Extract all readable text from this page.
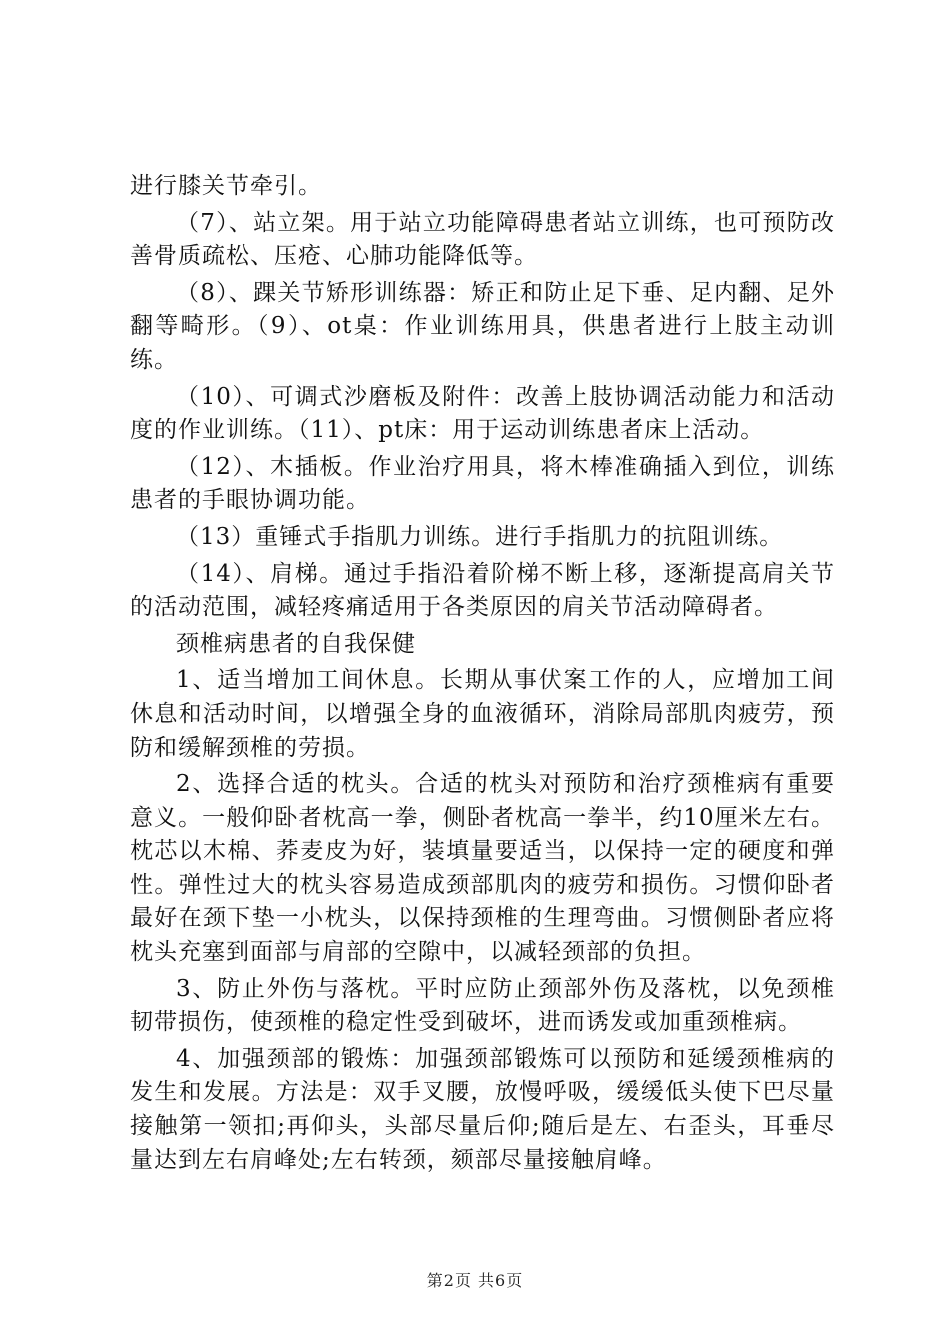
进行膝关节牵引。

（7）、站立架。用于站立功能障碍患者站立训练，也可预防改善骨质疏松、压疮、心肺功能降低等。

（8）、踝关节矫形训练器：矫正和防止足下垂、足内翻、足外翻等畸形。（9）、ot桌：作业训练用具，供患者进行上肢主动训练。

（10）、可调式沙磨板及附件：改善上肢协调活动能力和活动度的作业训练。（11）、pt床：用于运动训练患者床上活动。

（12）、木插板。作业治疗用具，将木棒准确插入到位，训练患者的手眼协调功能。

（13）重锤式手指肌力训练。进行手指肌力的抗阻训练。

（14）、肩梯。通过手指沿着阶梯不断上移，逐渐提高肩关节的活动范围，减轻疼痛适用于各类原因的肩关节活动障碍者。

颈椎病患者的自我保健

1、适当增加工间休息。长期从事伏案工作的人，应增加工间休息和活动时间，以增强全身的血液循环，消除局部肌肉疲劳，预防和缓解颈椎的劳损。

2、选择合适的枕头。合适的枕头对预防和治疗颈椎病有重要意义。一般仰卧者枕高一拳，侧卧者枕高一拳半，约10厘米左右。枕芯以木棉、荞麦皮为好，装填量要适当，以保持一定的硬度和弹性。弹性过大的枕头容易造成颈部肌肉的疲劳和损伤。习惯仰卧者最好在颈下垫一小枕头，以保持颈椎的生理弯曲。习惯侧卧者应将枕头充塞到面部与肩部的空隙中，以减轻颈部的负担。

3、防止外伤与落枕。平时应防止颈部外伤及落枕，以免颈椎韧带损伤，使颈椎的稳定性受到破坏，进而诱发或加重颈椎病。

4、加强颈部的锻炼：加强颈部锻炼可以预防和延缓颈椎病的发生和发展。方法是：双手叉腰，放慢呼吸，缓缓低头使下巴尽量接触第一领扣;再仰头，头部尽量后仰;随后是左、右歪头，耳垂尽量达到左右肩峰处;左右转颈，颏部尽量接触肩峰。

第2页 共6页
